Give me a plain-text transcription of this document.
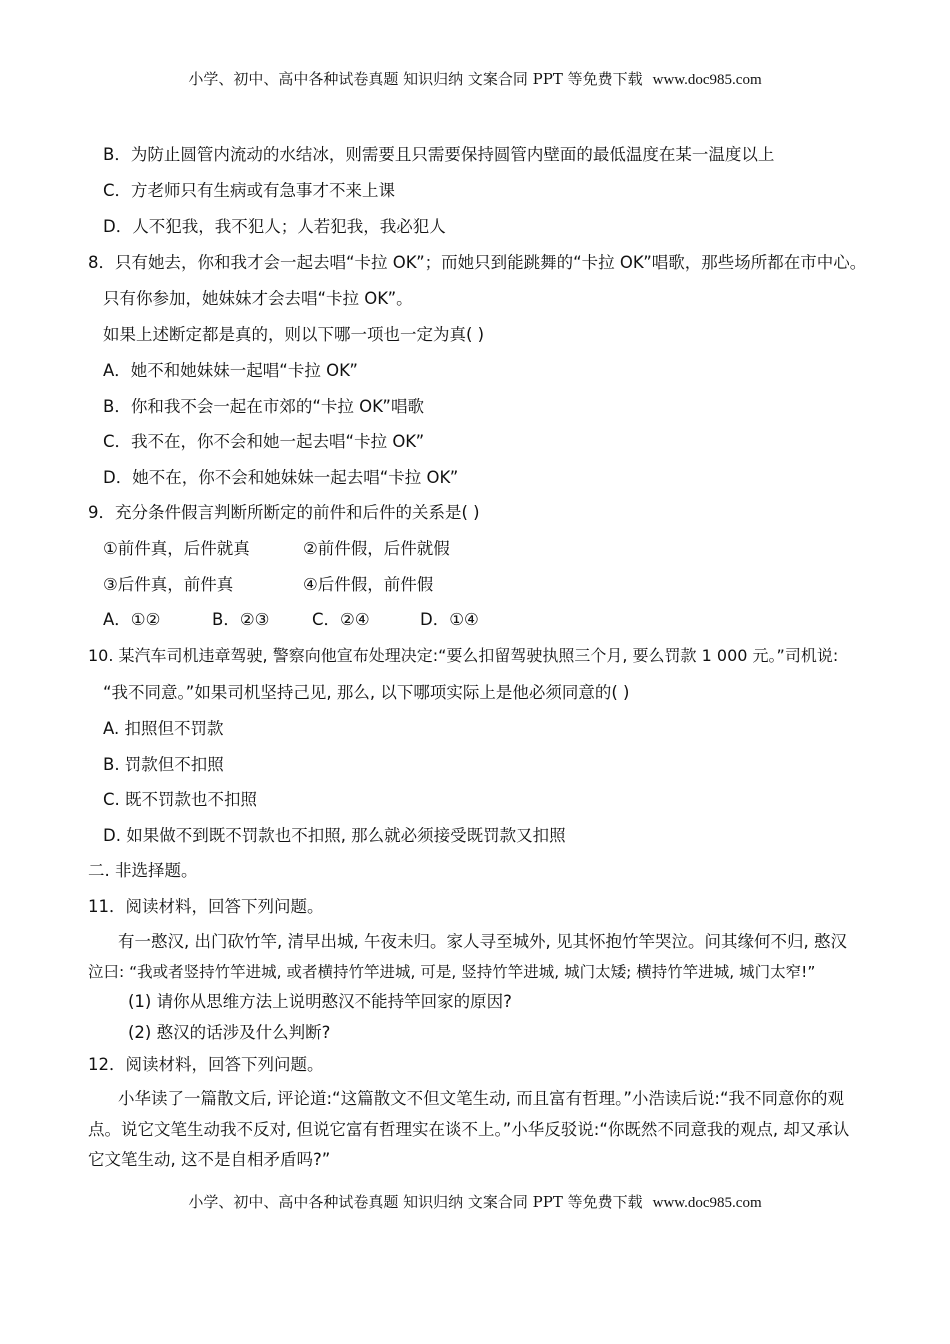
小学、初中、高中各种试卷真题 知识归纳 文案合同 PPT 等免费下载 www.doc985.com
B．为防止圆管内流动的水结冰，则需要且只需要保持圆管内壁面的最低温度在某一温度以上
C．方老师只有生病或有急事才不来上课
D．人不犯我，我不犯人；人若犯我，我必犯人
8．只有她去，你和我才会一起去唱“卡拉 OK”；而她只到能跳舞的“卡拉 OK”唱歌，那些场所都在市中心。
只有你参加，她妹妹才会去唱“卡拉 OK”。
如果上述断定都是真的，则以下哪一项也一定为真( )
A．她不和她妹妹一起唱“卡拉 OK”
B．你和我不会一起在市郊的“卡拉 OK”唱歌
C．我不在，你不会和她一起去唱“卡拉 OK”
D．她不在，你不会和她妹妹一起去唱“卡拉 OK”
9．充分条件假言判断所断定的前件和后件的关系是( )
①前件真，后件就真	②前件假，后件就假
③后件真，前件真	④后件假，前件假
A．①②	B．②③	C．②④	D．①④
10. 某汽车司机违章驾驶, 警察向他宣布处理决定:“要么扣留驾驶执照三个月, 要么罚款 1 000 元。”司机说:
“我不同意。”如果司机坚持己见, 那么, 以下哪项实际上是他必须同意的( )
A. 扣照但不罚款
B. 罚款但不扣照
C. 既不罚款也不扣照
D. 如果做不到既不罚款也不扣照, 那么就必须接受既罚款又扣照
二. 非选择题。
11．阅读材料，回答下列问题。
有一憨汉, 出门砍竹竿, 清早出城, 午夜未归。家人寻至城外, 见其怀抱竹竿哭泣。问其缘何不归, 憨汉
泣曰: “我或者竖持竹竿进城, 或者横持竹竿进城, 可是, 竖持竹竿进城, 城门太矮; 横持竹竿进城, 城门太窄!”
(1) 请你从思维方法上说明憨汉不能持竿回家的原因?
(2) 憨汉的话涉及什么判断?
12．阅读材料，回答下列问题。
小华读了一篇散文后, 评论道:“这篇散文不但文笔生动, 而且富有哲理。”小浩读后说:“我不同意你的观
点。说它文笔生动我不反对, 但说它富有哲理实在谈不上。”小华反驳说:“你既然不同意我的观点, 却又承认
它文笔生动, 这不是自相矛盾吗?”
小学、初中、高中各种试卷真题 知识归纳 文案合同 PPT 等免费下载 www.doc985.com
